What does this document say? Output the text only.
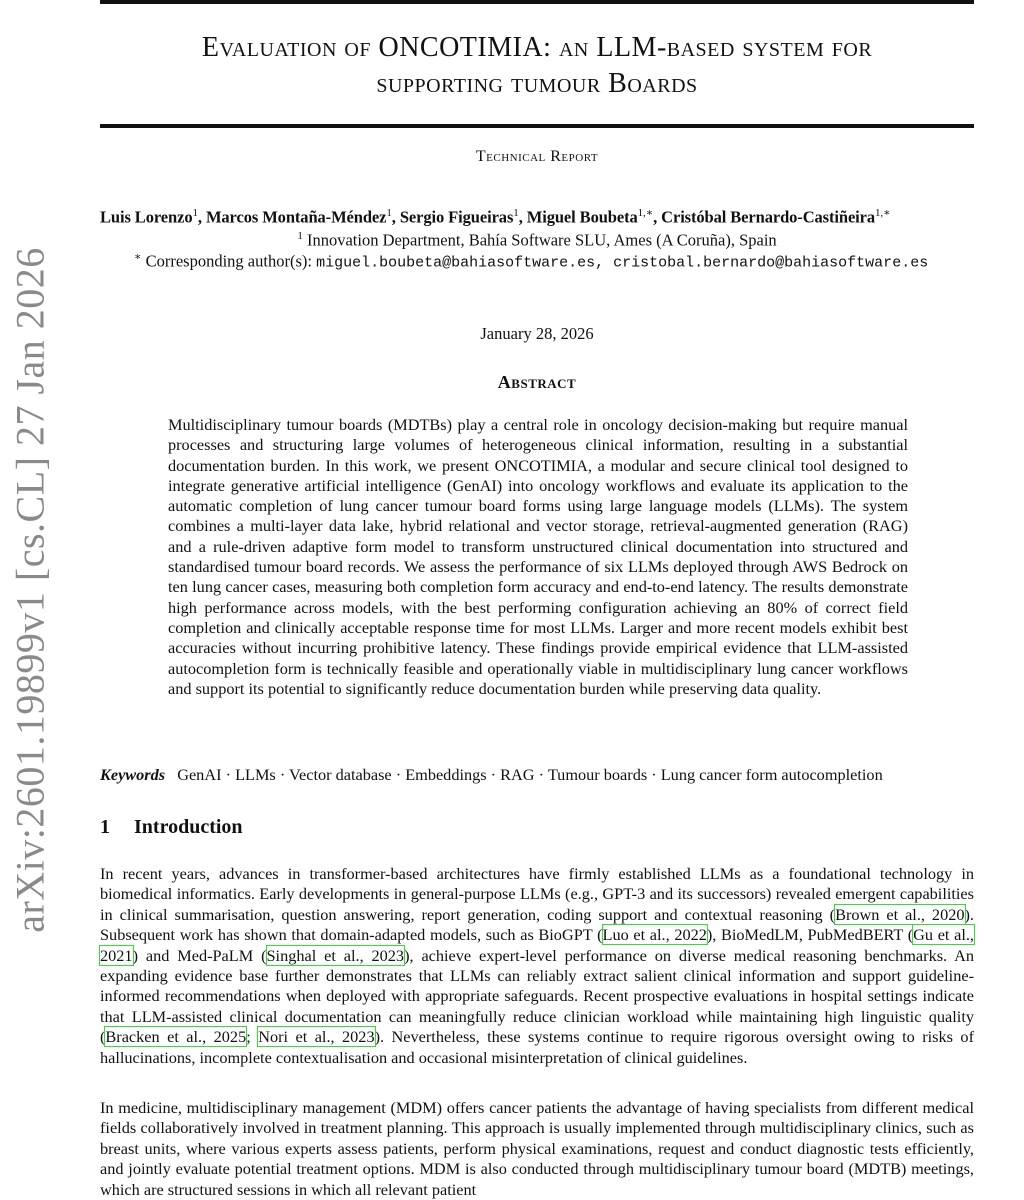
Evaluation of ONCOTIMIA: an LLM-based system for
supporting tumour Boards
Technical Report
Luis Lorenzo$^1$, Marcos Montaña-Méndez$^1$, Sergio Figueiras$^1$, Miguel Boubeta$^{1,∗}$, Cristóbal Bernardo-Castiñeira$^{1,∗}$
$^1$ Innovation Department, Bahía Software SLU, Ames (A Coruña), Spain
∗ Corresponding author(s): miguel.boubeta@bahiasoftware.es, cristobal.bernardo@bahiasoftware.es
January 28, 2026
Abstract
Multidisciplinary tumour boards (MDTBs) play a central role in oncology decision-making but require manual processes and structuring large volumes of heterogeneous clinical information, resulting in a substantial documentation burden. In this work, we present ONCOTIMIA, a modular and secure clinical tool designed to integrate generative artificial intelligence (GenAI) into oncology workflows and evaluate its application to the automatic completion of lung cancer tumour board forms using large language models (LLMs). The system combines a multi-layer data lake, hybrid relational and vector storage, retrieval-augmented generation (RAG) and a rule-driven adaptive form model to transform unstructured clinical documentation into structured and standardised tumour board records. We assess the performance of six LLMs deployed through AWS Bedrock on ten lung cancer cases, measuring both completion form accuracy and end-to-end latency. The results demonstrate high performance across models, with the best performing configuration achieving an 80% of correct field completion and clinically acceptable response time for most LLMs. Larger and more recent models exhibit best accuracies without incurring prohibitive latency. These findings provide empirical evidence that LLM-assisted autocompletion form is technically feasible and operationally viable in multidisciplinary lung cancer workflows and support its potential to significantly reduce documentation burden while preserving data quality.
Keywords GenAI · LLMs · Vector database · Embeddings · RAG · Tumour boards · Lung cancer form autocompletion
1 Introduction
In recent years, advances in transformer-based architectures have firmly established LLMs as a foundational technology in biomedical informatics. Early developments in general-purpose LLMs (e.g., GPT-3 and its successors) revealed emergent capabilities in clinical summarisation, question answering, report generation, coding support and contextual reasoning (Brown et al., 2020). Subsequent work has shown that domain-adapted models, such as BioGPT (Luo et al., 2022), BioMedLM, PubMedBERT (Gu et al., 2021) and Med-PaLM (Singhal et al., 2023), achieve expert-level performance on diverse medical reasoning benchmarks. An expanding evidence base further demonstrates that LLMs can reliably extract salient clinical information and support guideline-informed recommendations when deployed with appropriate safeguards. Recent prospective evaluations in hospital settings indicate that LLM-assisted clinical documentation can meaningfully reduce clinician workload while maintaining high linguistic quality (Bracken et al., 2025; Nori et al., 2023). Nevertheless, these systems continue to require rigorous oversight owing to risks of hallucinations, incomplete contextualisation and occasional misinterpretation of clinical guidelines.
In medicine, multidisciplinary management (MDM) offers cancer patients the advantage of having specialists from different medical fields collaboratively involved in treatment planning. This approach is usually implemented through multidisciplinary clinics, such as breast units, where various experts assess patients, perform physical examinations, request and conduct diagnostic tests efficiently, and jointly evaluate potential treatment options. MDM is also conducted through multidisciplinary tumour board (MDTB) meetings, which are structured sessions in which all relevant patient
arXiv:2601.19899v1 [cs.CL] 27 Jan 2026
